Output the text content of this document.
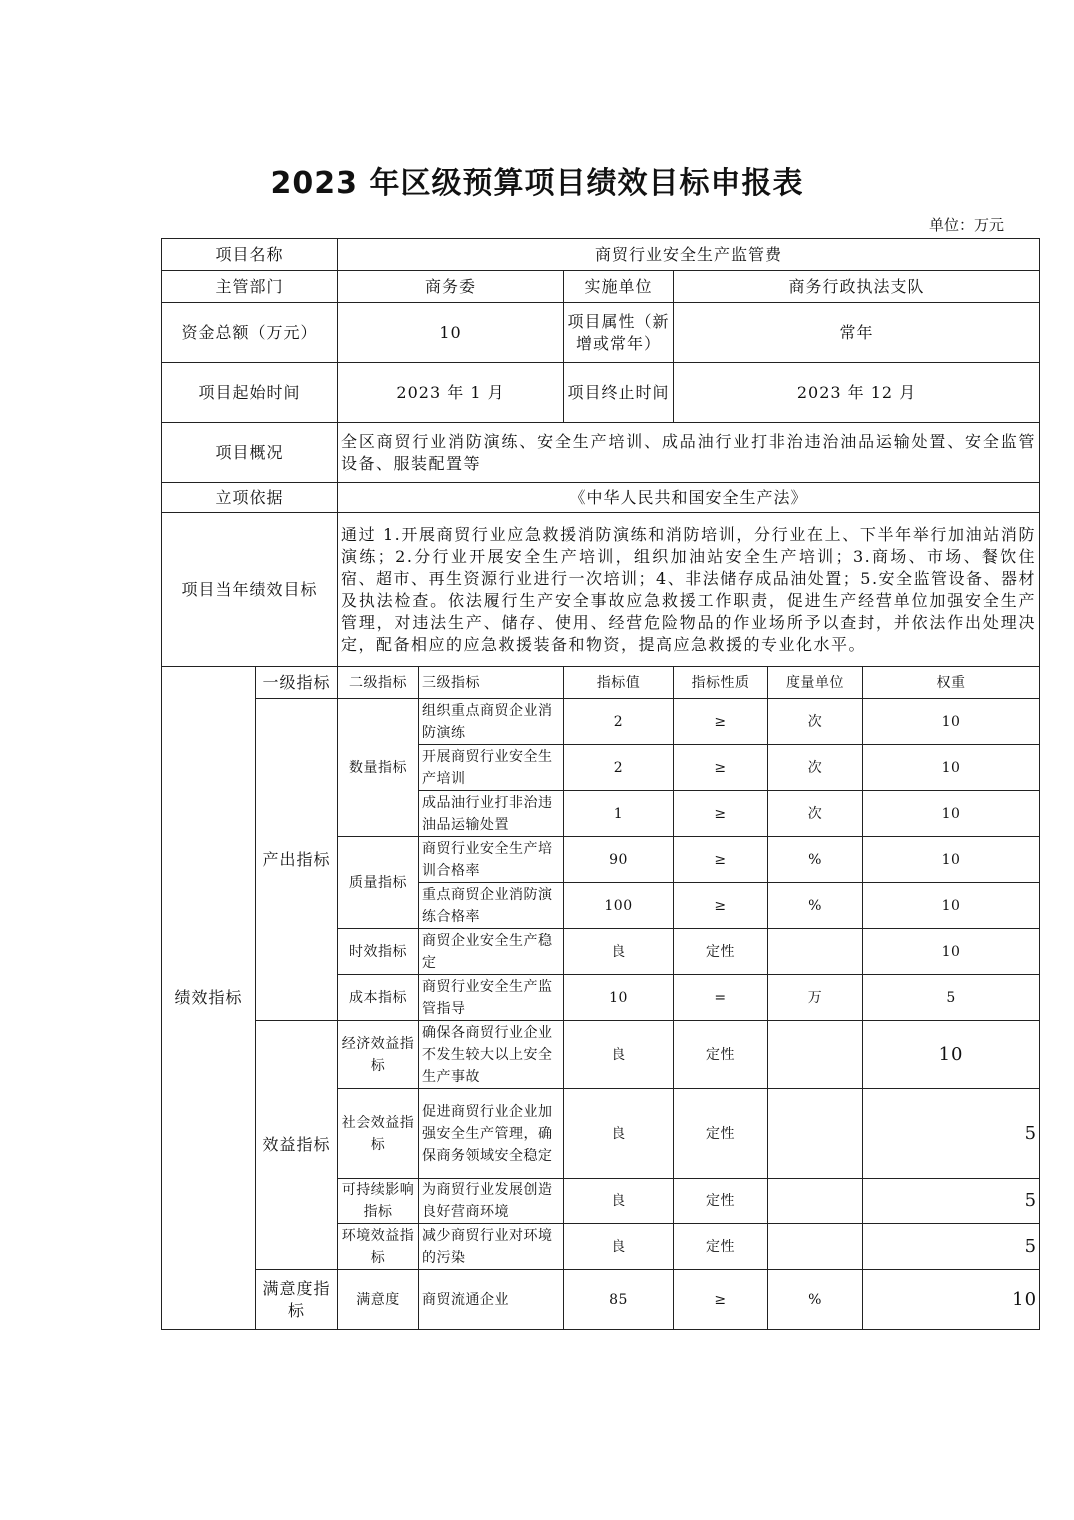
2023 年区级预算项目绩效目标申报表
单位：万元
项目名称		商贸行业安全生产监管费					
主管部门		商务委		实施单位	商务行政执法支队		
资金总额（万元）		10		项目属性（新增或常年）	常年		
项目起始时间		2023 年 1 月		项目终止时间	2023 年 12 月		
项目概况		全区商贸行业消防演练、安全生产培训、成品油行业打非治违治油品运输处置、安全监管设备、服装配置等					
立项依据		《中华人民共和国安全生产法》					
项目当年绩效目标		通过 1.开展商贸行业应急救援消防演练和消防培训，分行业在上、下半年举行加油站消防演练；2.分行业开展安全生产培训，组织加油站安全生产培训；3.商场、市场、餐饮住宿、超市、再生资源行业进行一次培训；4、非法储存成品油处置；5.安全监管设备、器材及执法检查。依法履行生产安全事故应急救援工作职责，促进生产经营单位加强安全生产管理，对违法生产、储存、使用、经营危险物品的作业场所予以查封，并依法作出处理决定，配备相应的应急救援装备和物资，提高应急救援的专业化水平。					
绩效指标	一级指标	二级指标	三级指标	指标值	指标性质	度量单位	权重
	产出指标	数量指标	组织重点商贸企业消防演练	2	≥	次	10
			开展商贸行业安全生产培训	2	≥	次	10
			成品油行业打非治违油品运输处置	1	≥	次	10
		质量指标	商贸行业安全生产培训合格率	90	≥	%	10
			重点商贸企业消防演练合格率	100	≥	%	10
		时效指标	商贸企业安全生产稳定	良	定性		10
		成本指标	商贸行业安全生产监管指导	10	=	万	5
	效益指标	经济效益指标	确保各商贸行业企业不发生较大以上安全生产事故	良	定性		10
		社会效益指标	促进商贸行业企业加强安全生产管理，确保商务领域安全稳定	良	定性		5
		可持续影响指标	为商贸行业发展创造良好营商环境	良	定性		5
		环境效益指标	减少商贸行业对环境的污染	良	定性		5
	满意度指标	满意度	商贸流通企业	85	≥	%	10
